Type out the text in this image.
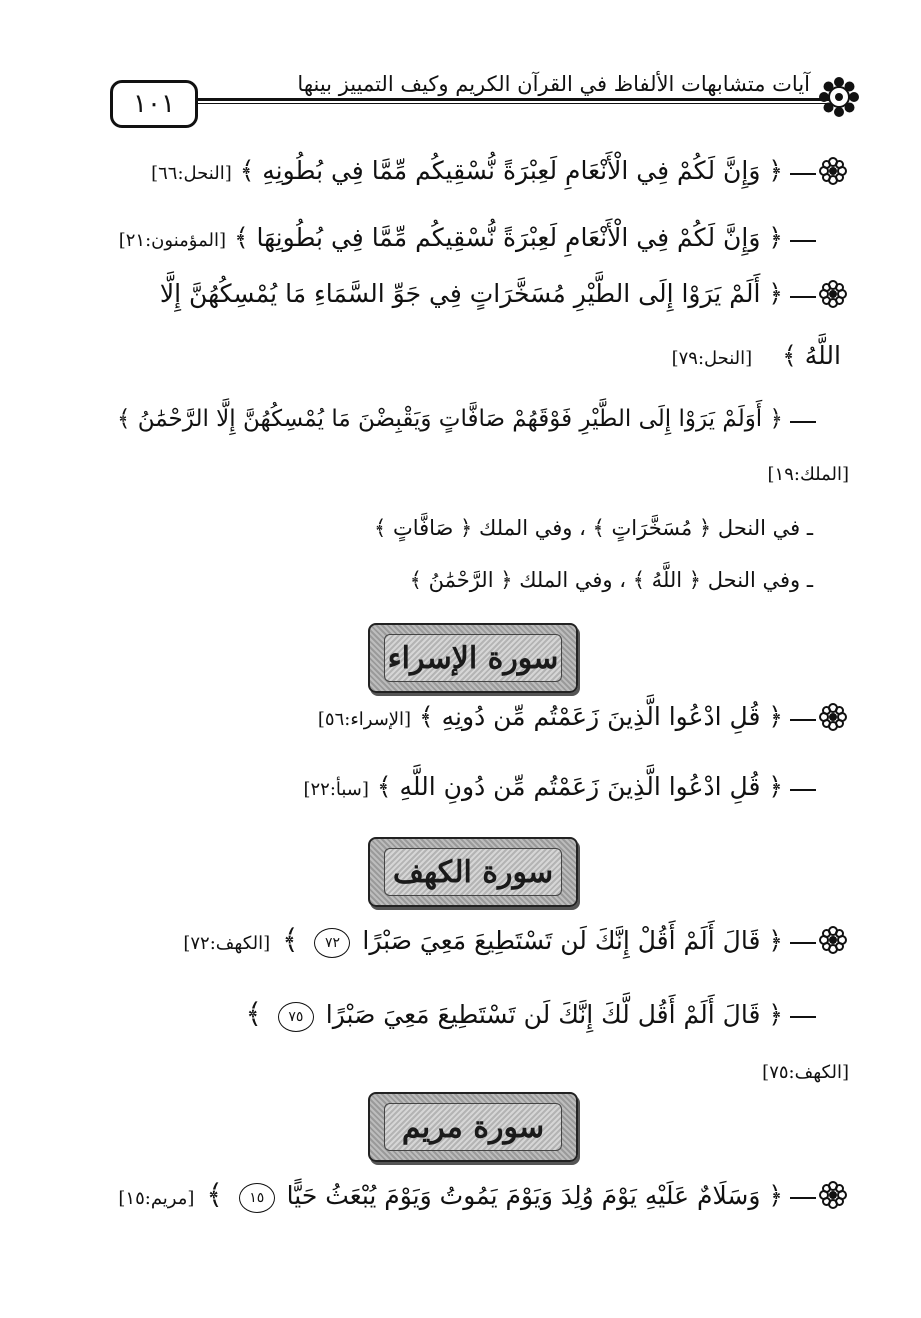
١٠١
آيات متشابهات الألفاظ في القرآن الكريم وكيف التمييز بينها
﴿ وَإِنَّ لَكُمْ فِي الْأَنْعَامِ لَعِبْرَةً نُّسْقِيكُم مِّمَّا فِي بُطُونِهِ ﴾ [النحل:٦٦]
﴿ وَإِنَّ لَكُمْ فِي الْأَنْعَامِ لَعِبْرَةً نُّسْقِيكُم مِّمَّا فِي بُطُونِهَا ﴾ [المؤمنون:٢١]
﴿ أَلَمْ يَرَوْا إِلَى الطَّيْرِ مُسَخَّرَاتٍ فِي جَوِّ السَّمَاءِ مَا يُمْسِكُهُنَّ إِلَّا
اللَّهُ ﴾ [النحل:٧٩]
﴿ أَوَلَمْ يَرَوْا إِلَى الطَّيْرِ فَوْقَهُمْ صَافَّاتٍ وَيَقْبِضْنَ مَا يُمْسِكُهُنَّ إِلَّا الرَّحْمَٰنُ ﴾
[الملك:١٩]
ـ في النحل ﴿ مُسَخَّرَاتٍ ﴾ ، وفي الملك ﴿ صَافَّاتٍ ﴾
ـ وفي النحل ﴿ اللَّهُ ﴾ ، وفي الملك ﴿ الرَّحْمَٰنُ ﴾
سورة الإسراء
﴿ قُلِ ادْعُوا الَّذِينَ زَعَمْتُم مِّن دُونِهِ ﴾ [الإسراء:٥٦]
﴿ قُلِ ادْعُوا الَّذِينَ زَعَمْتُم مِّن دُونِ اللَّهِ ﴾ [سبأ:٢٢]
سورة الكهف
﴿ قَالَ أَلَمْ أَقُلْ إِنَّكَ لَن تَسْتَطِيعَ مَعِيَ صَبْرًا ٧٢ ﴾ [الكهف:٧٢]
﴿ قَالَ أَلَمْ أَقُل لَّكَ إِنَّكَ لَن تَسْتَطِيعَ مَعِيَ صَبْرًا ٧٥ ﴾
[الكهف:٧٥]
سورة مريم
﴿ وَسَلَامٌ عَلَيْهِ يَوْمَ وُلِدَ وَيَوْمَ يَمُوتُ وَيَوْمَ يُبْعَثُ حَيًّا ١٥ ﴾ [مريم:١٥]
